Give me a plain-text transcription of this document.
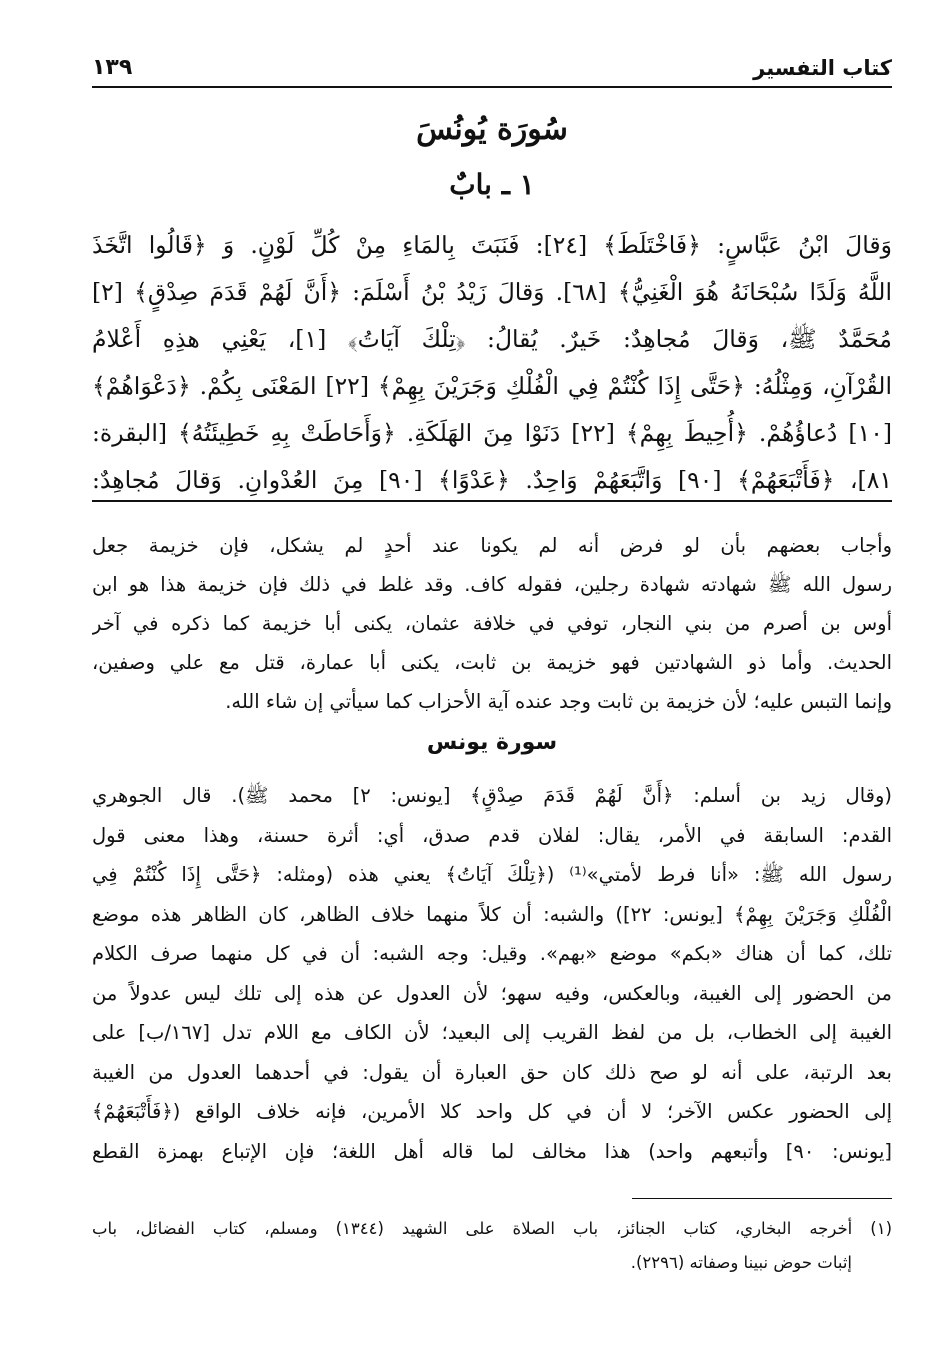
كتاب التفسير
١٣٩
سُورَة يُونُسَ
١ ـ بابٌ
وَقالَ ابْنُ عَبَّاسٍ: ﴿فَاخْتَلَطَ﴾ [٢٤]: فَنَبَتَ بِالمَاءِ مِنْ كُلِّ لَوْنٍ. وَ ﴿قَالُوا اتَّخَذَ
اللَّهُ وَلَدًا سُبْحَانَهُ هُوَ الْغَنِيُّ﴾ [٦٨]. وَقالَ زَيْدُ بْنُ أَسْلَمَ: ﴿أَنَّ لَهُمْ قَدَمَ صِدْقٍ﴾ [٢]
مُحَمَّدٌ ﷺ، وَقالَ مُجاهِدٌ: خَيرٌ. يُقالُ: ﴿تِلْكَ آيَاتُ﴾ [١]، يَعْنِي هذِهِ أَعْلامُ
القُرْآنِ، وَمِثْلُهُ: ﴿حَتَّى إِذَا كُنْتُمْ فِي الْفُلْكِ وَجَرَيْنَ بِهِمْ﴾ [٢٢] المَعْنَى بِكُمْ. ﴿دَعْوَاهُمْ﴾
[١٠] دُعاؤُهُمْ. ﴿أُحِيطَ بِهِمْ﴾ [٢٢] دَنَوْا مِنَ الهَلَكَةِ. ﴿وَأَحَاطَتْ بِهِ خَطِيئَتُهُ﴾ [البقرة:
٨١]، ﴿فَأَتْبَعَهُمْ﴾ [٩٠] وَاتَّبَعَهُمْ وَاحِدٌ. ﴿عَدْوًا﴾ [٩٠] مِنَ العُدْوانِ. وَقالَ مُجاهِدٌ:
وأجاب بعضهم بأن لو فرض أنه لم يكونا عند أحدٍ لم يشكل، فإن خزيمة جعل
رسول الله ﷺ شهادته شهادة رجلين، فقوله كاف. وقد غلط في ذلك فإن خزيمة هذا هو ابن
أوس بن أصرم من بني النجار، توفي في خلافة عثمان، يكنى أبا خزيمة كما ذكره في آخر
الحديث. وأما ذو الشهادتين فهو خزيمة بن ثابت، يكنى أبا عمارة، قتل مع علي وصفين،
وإنما التبس عليه؛ لأن خزيمة بن ثابت وجد عنده آية الأحزاب كما سيأتي إن شاء الله.
سورة يونس
(وقال زيد بن أسلم: ﴿أَنَّ لَهُمْ قَدَمَ صِدْقٍ﴾ [يونس: ٢] محمد ﷺ). قال الجوهري
القدم: السابقة في الأمر، يقال: لفلان قدم صدق، أي: أثرة حسنة، وهذا معنى قول
رسول الله ﷺ: «أنا فرط لأمتي»⁽¹⁾ (﴿تِلْكَ آيَاتُ﴾ يعني هذه (ومثله: ﴿حَتَّى إِذَا كُنْتُمْ فِي
الْفُلْكِ وَجَرَيْنَ بِهِمْ﴾ [يونس: ٢٢]) والشبه: أن كلاً منهما خلاف الظاهر، كان الظاهر هذه موضع
تلك، كما أن هناك «بكم» موضع «بهم». وقيل: وجه الشبه: أن في كل منهما صرف الكلام
من الحضور إلى الغيبة، وبالعكس، وفيه سهو؛ لأن العدول عن هذه إلى تلك ليس عدولاً من
الغيبة إلى الخطاب، بل من لفظ القريب إلى البعيد؛ لأن الكاف مع اللام تدل [١٦٧/ب] على
بعد الرتبة، على أنه لو صح ذلك كان حق العبارة أن يقول: في أحدهما العدول من الغيبة
إلى الحضور عكس الآخر؛ لا أن في كل واحد كلا الأمرين، فإنه خلاف الواقع (﴿فَأَتْبَعَهُمْ﴾
[يونس: ٩٠] وأتبعهم واحد) هذا مخالف لما قاله أهل اللغة؛ فإن الإتباع بهمزة القطع
(١) أخرجه البخاري، كتاب الجنائز، باب الصلاة على الشهيد (١٣٤٤) ومسلم، كتاب الفضائل، باب
إثبات حوض نبينا وصفاته (٢٢٩٦).
